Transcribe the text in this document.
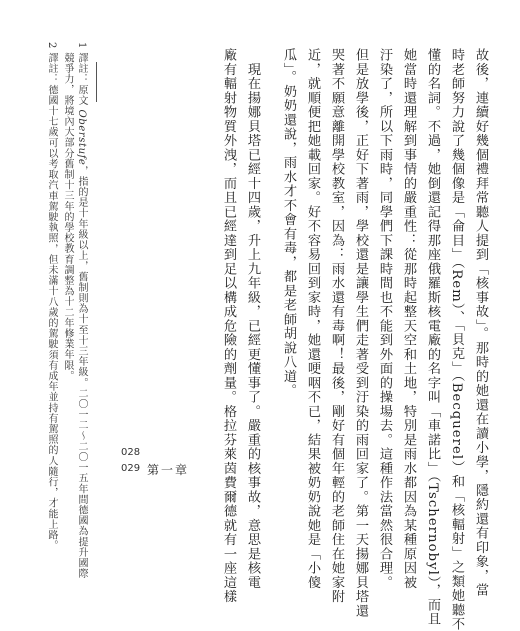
故後，連續好幾個禮拜常聽人提到「核事故」。那時的她還在讀小學，隱約還有印象，當
時老師努力說了幾個像是「侖目」（Rem）、「貝克」（Becquerel）和「核輻射」之類她聽不
懂的名詞。不過，她倒還記得那座俄羅斯核電廠的名字叫「車諾比」（Tschernobyl），而且
她當時還理解到事情的嚴重性：從那時起整天空和土地，特別是雨水都因為某種原因被
汙染了，所以下雨時，同學們下課時間也不能到外面的操場去。這種作法當然很合理。
但是放學後，正好下著雨，學校還是讓學生們走著受到汙染的雨回家了。第一天揚娜貝塔還
哭著不願意離開學校教室，因為：雨水還有毒啊！最後，剛好有個年輕的老師住在她家附
近，就順便把她載回家。好不容易回到家時，她還哽咽不已，結果被奶奶說她是「小傻
瓜」。奶奶還說，雨水才不會有毒，都是老師胡說八道。
　現在揚娜貝塔已經十四歲，升上九年級，已經更懂事了。嚴重的核事故，意思是核電
廠有輻射物質外洩，而且已經達到足以構成危險的劑量。格拉芬萊茵費爾德就有一座這樣
1 譯註：原文 Oberstufe，指的是十年級以上，舊制則為十至十三年級。二〇一二〜二〇一五年間德國為提升國際
　競爭力，將境內大部分舊制十三年的學校教育調整為十二年修業年限。
2 譯註：德國十七歲可以考取汽車駕駛執照，但未滿十八歲的駕駛須有成年並持有駕照的人隨行，才能上路。	028
029 第一章
